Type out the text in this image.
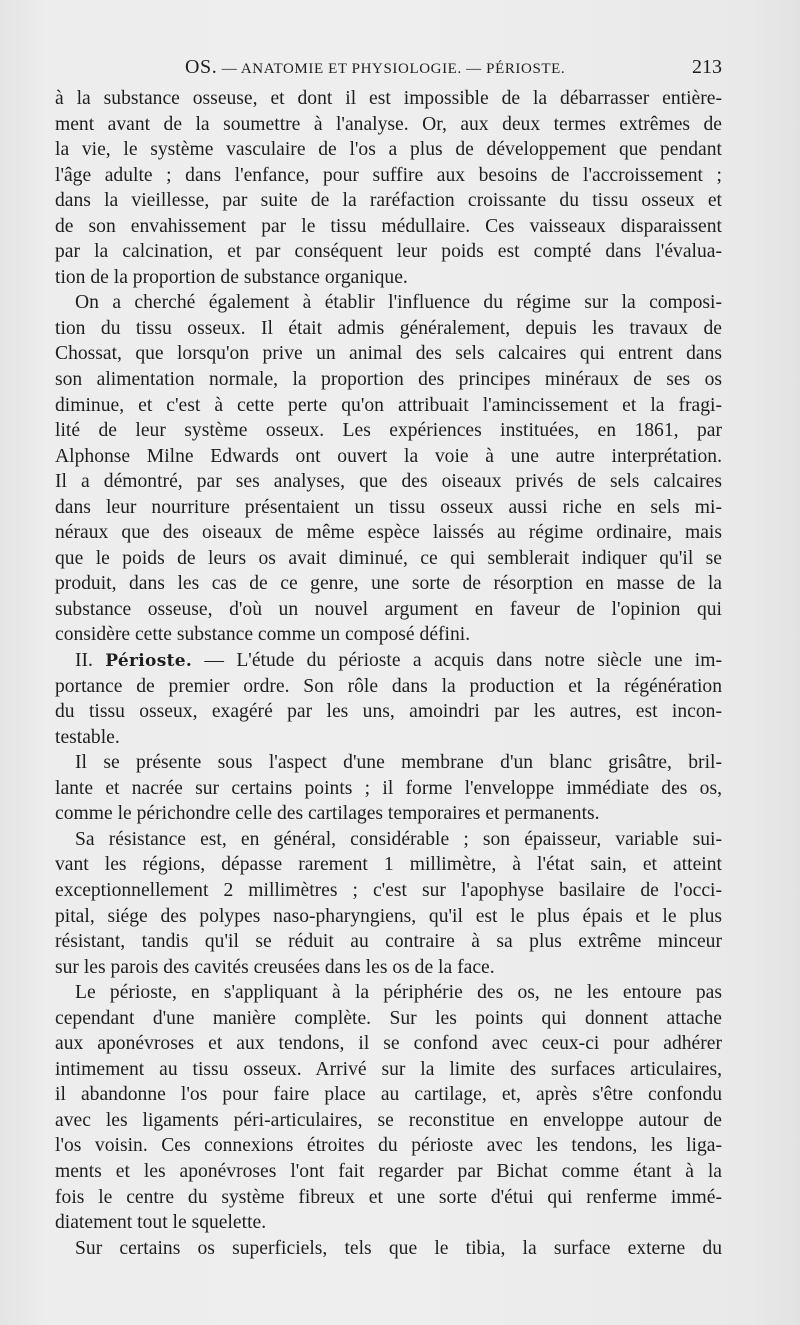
OS. — ANATOMIE ET PHYSIOLOGIE. — PÉRIOSTE.	213
à la substance osseuse, et dont il est impossible de la débarrasser entière-
ment avant de la soumettre à l'analyse. Or, aux deux termes extrêmes de
la vie, le système vasculaire de l'os a plus de développement que pendant
l'âge adulte ; dans l'enfance, pour suffire aux besoins de l'accroissement ;
dans la vieillesse, par suite de la raréfaction croissante du tissu osseux et
de son envahissement par le tissu médullaire. Ces vaisseaux disparaissent
par la calcination, et par conséquent leur poids est compté dans l'évalua-
tion de la proportion de substance organique.
On a cherché également à établir l'influence du régime sur la composi-
tion du tissu osseux. Il était admis généralement, depuis les travaux de
Chossat, que lorsqu'on prive un animal des sels calcaires qui entrent dans
son alimentation normale, la proportion des principes minéraux de ses os
diminue, et c'est à cette perte qu'on attribuait l'amincissement et la fragi-
lité de leur système osseux. Les expériences instituées, en 1861, par
Alphonse Milne Edwards ont ouvert la voie à une autre interprétation.
Il a démontré, par ses analyses, que des oiseaux privés de sels calcaires
dans leur nourriture présentaient un tissu osseux aussi riche en sels mi-
néraux que des oiseaux de même espèce laissés au régime ordinaire, mais
que le poids de leurs os avait diminué, ce qui semblerait indiquer qu'il se
produit, dans les cas de ce genre, une sorte de résorption en masse de la
substance osseuse, d'où un nouvel argument en faveur de l'opinion qui
considère cette substance comme un composé défini.
II. Périoste. — L'étude du périoste a acquis dans notre siècle une im-
portance de premier ordre. Son rôle dans la production et la régénération
du tissu osseux, exagéré par les uns, amoindri par les autres, est incon-
testable.
Il se présente sous l'aspect d'une membrane d'un blanc grisâtre, bril-
lante et nacrée sur certains points ; il forme l'enveloppe immédiate des os,
comme le périchondre celle des cartilages temporaires et permanents.
Sa résistance est, en général, considérable ; son épaisseur, variable sui-
vant les régions, dépasse rarement 1 millimètre, à l'état sain, et atteint
exceptionnellement 2 millimètres ; c'est sur l'apophyse basilaire de l'occi-
pital, siége des polypes naso-pharyngiens, qu'il est le plus épais et le plus
résistant, tandis qu'il se réduit au contraire à sa plus extrême minceur
sur les parois des cavités creusées dans les os de la face.
Le périoste, en s'appliquant à la périphérie des os, ne les entoure pas
cependant d'une manière complète. Sur les points qui donnent attache
aux aponévroses et aux tendons, il se confond avec ceux-ci pour adhérer
intimement au tissu osseux. Arrivé sur la limite des surfaces articulaires,
il abandonne l'os pour faire place au cartilage, et, après s'être confondu
avec les ligaments péri-articulaires, se reconstitue en enveloppe autour de
l'os voisin. Ces connexions étroites du périoste avec les tendons, les liga-
ments et les aponévroses l'ont fait regarder par Bichat comme étant à la
fois le centre du système fibreux et une sorte d'étui qui renferme immé-
diatement tout le squelette.
Sur certains os superficiels, tels que le tibia, la surface externe du
